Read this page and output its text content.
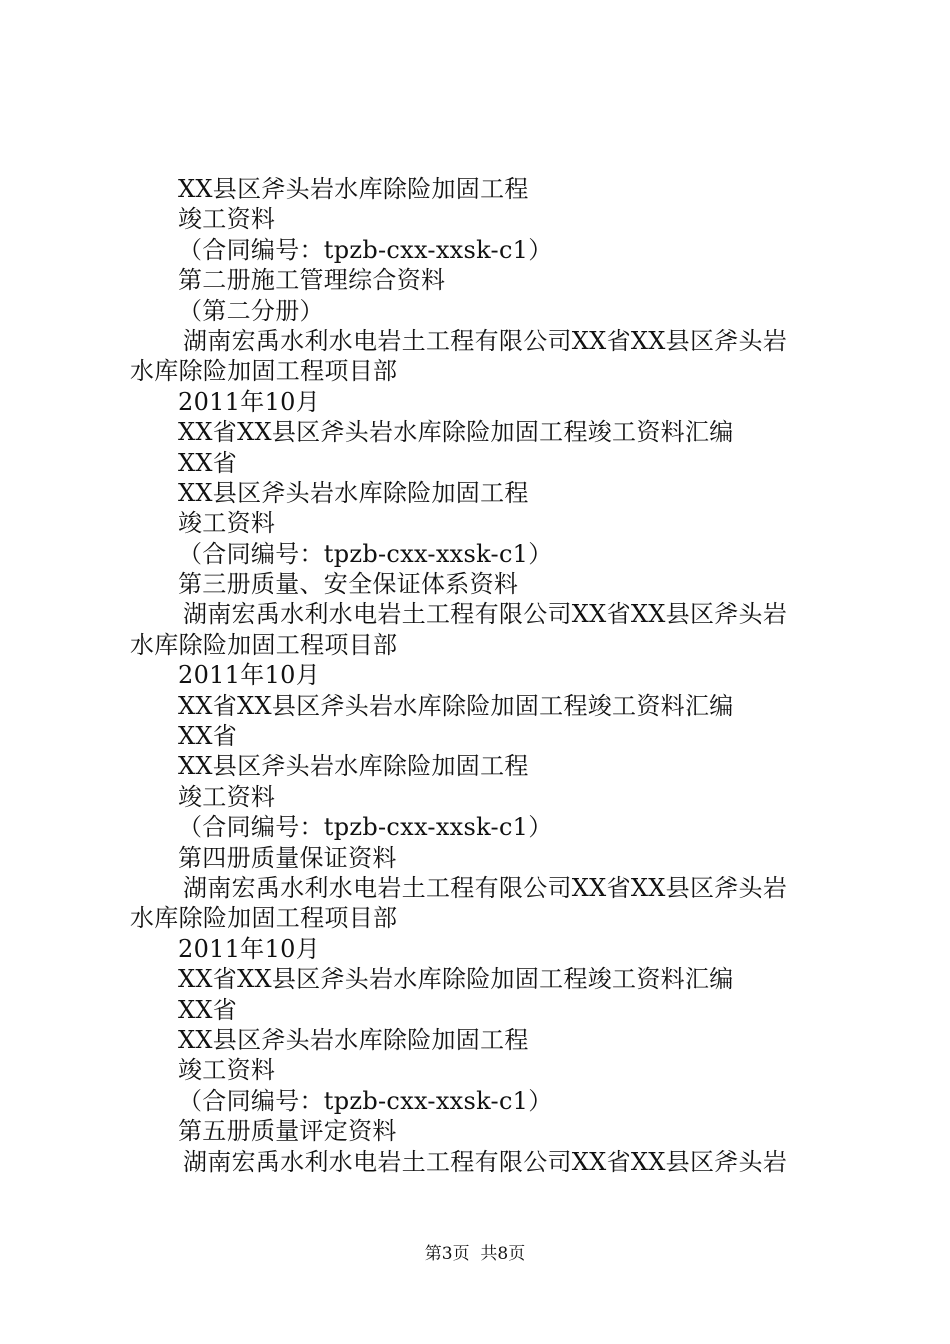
XX县区斧头岩水库除险加固工程
竣工资料
（合同编号：tpzb-cxx-xxsk-c1）
第二册施工管理综合资料
（第二分册）
湖南宏禹水利水电岩土工程有限公司XX省XX县区斧头岩
水库除险加固工程项目部
2011年10月
XX省XX县区斧头岩水库除险加固工程竣工资料汇编
XX省
XX县区斧头岩水库除险加固工程
竣工资料
（合同编号：tpzb-cxx-xxsk-c1）
第三册质量、安全保证体系资料
湖南宏禹水利水电岩土工程有限公司XX省XX县区斧头岩
水库除险加固工程项目部
2011年10月
XX省XX县区斧头岩水库除险加固工程竣工资料汇编
XX省
XX县区斧头岩水库除险加固工程
竣工资料
（合同编号：tpzb-cxx-xxsk-c1）
第四册质量保证资料
湖南宏禹水利水电岩土工程有限公司XX省XX县区斧头岩
水库除险加固工程项目部
2011年10月
XX省XX县区斧头岩水库除险加固工程竣工资料汇编
XX省
XX县区斧头岩水库除险加固工程
竣工资料
（合同编号：tpzb-cxx-xxsk-c1）
第五册质量评定资料
湖南宏禹水利水电岩土工程有限公司XX省XX县区斧头岩
第3页  共8页
